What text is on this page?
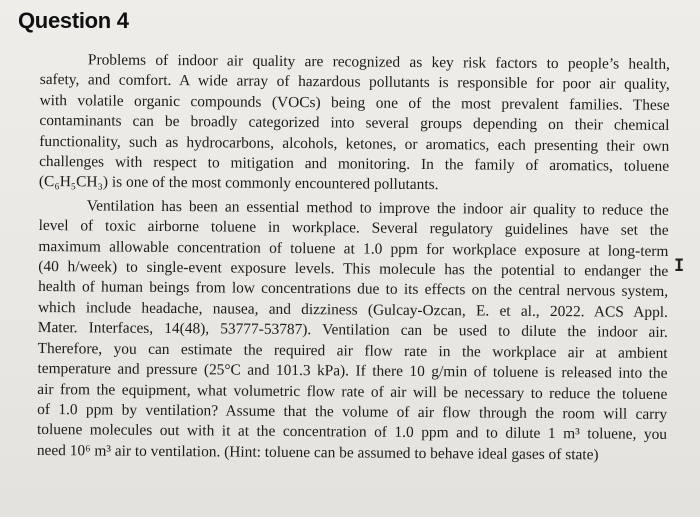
Question 4

Problems of indoor air quality are recognized as key risk factors to people’s health,
safety, and comfort. A wide array of hazardous pollutants is responsible for poor air quality,
with volatile organic compounds (VOCs) being one of the most prevalent families. These
contaminants can be broadly categorized into several groups depending on their chemical
functionality, such as hydrocarbons, alcohols, ketones, or aromatics, each presenting their own
challenges with respect to mitigation and monitoring. In the family of aromatics, toluene
(C₆H₅CH₃) is one of the most commonly encountered pollutants.

Ventilation has been an essential method to improve the indoor air quality to reduce the
level of toxic airborne toluene in workplace. Several regulatory guidelines have set the
maximum allowable concentration of toluene at 1.0 ppm for workplace exposure at long-term
(40 h/week) to single-event exposure levels. This molecule has the potential to endanger the
health of human beings from low concentrations due to its effects on the central nervous system,
which include headache, nausea, and dizziness (Gulcay-Ozcan, E. et al., 2022. ACS Appl.
Mater. Interfaces, 14(48), 53777-53787). Ventilation can be used to dilute the indoor air.
Therefore, you can estimate the required air flow rate in the workplace air at ambient
temperature and pressure (25°C and 101.3 kPa). If there 10 g/min of toluene is released into the
air from the equipment, what volumetric flow rate of air will be necessary to reduce the toluene
of 1.0 ppm by ventilation? Assume that the volume of air flow through the room will carry
toluene molecules out with it at the concentration of 1.0 ppm and to dilute 1 m³ toluene, you
need 10⁶ m³ air to ventilation. (Hint: toluene can be assumed to behave ideal gases of state)

I
